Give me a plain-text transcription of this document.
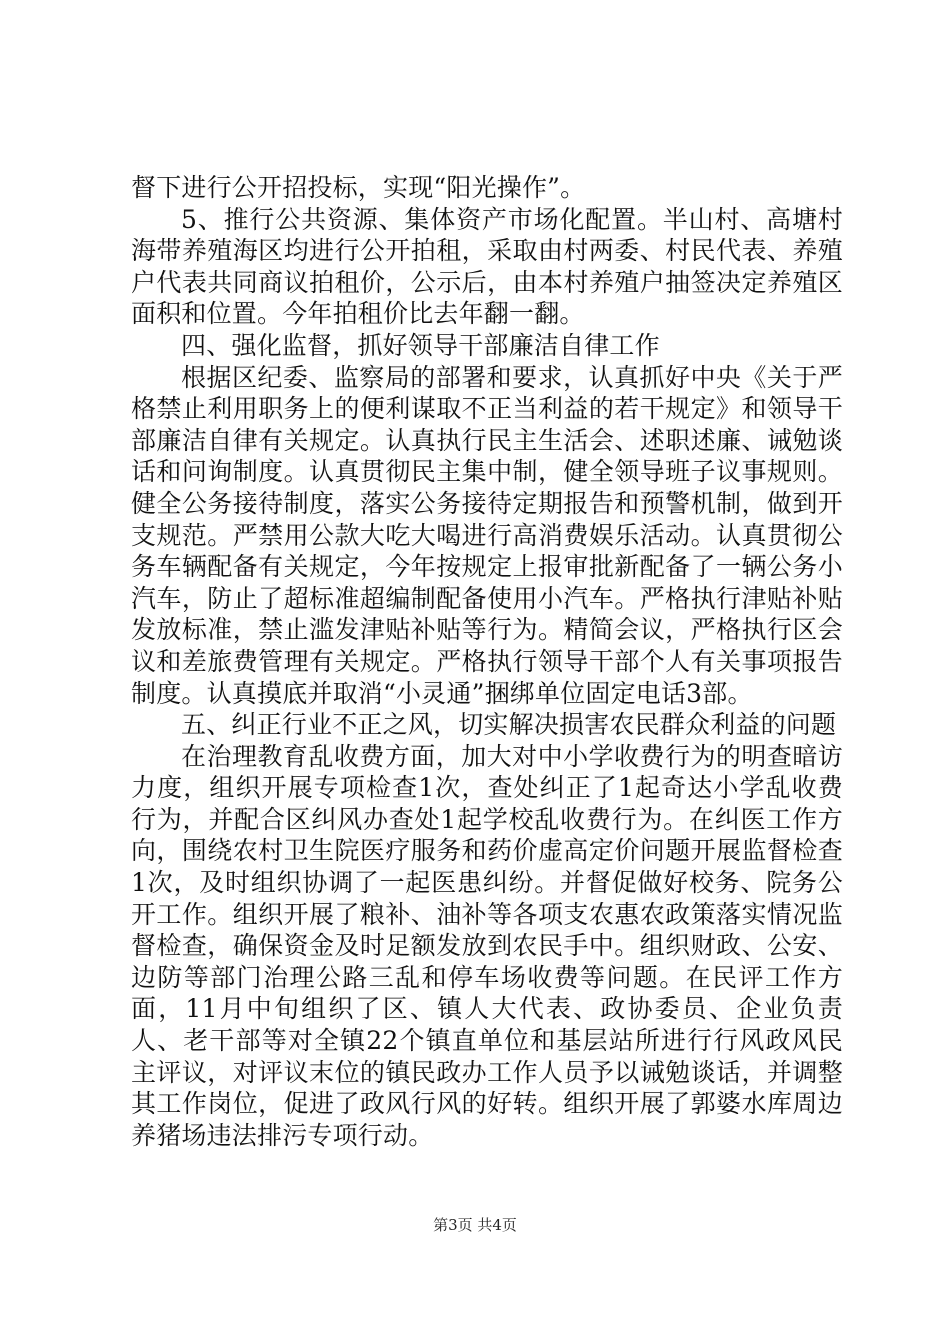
督下进行公开招投标，实现“阳光操作”。

5、推行公共资源、集体资产市场化配置。半山村、高塘村海带养殖海区均进行公开拍租，采取由村两委、村民代表、养殖户代表共同商议拍租价，公示后，由本村养殖户抽签决定养殖区面积和位置。今年拍租价比去年翻一翻。

四、强化监督，抓好领导干部廉洁自律工作

根据区纪委、监察局的部署和要求，认真抓好中央《关于严格禁止利用职务上的便利谋取不正当利益的若干规定》和领导干部廉洁自律有关规定。认真执行民主生活会、述职述廉、诫勉谈话和问询制度。认真贯彻民主集中制，健全领导班子议事规则。健全公务接待制度，落实公务接待定期报告和预警机制，做到开支规范。严禁用公款大吃大喝进行高消费娱乐活动。认真贯彻公务车辆配备有关规定，今年按规定上报审批新配备了一辆公务小汽车，防止了超标准超编制配备使用小汽车。严格执行津贴补贴发放标准，禁止滥发津贴补贴等行为。精简会议，严格执行区会议和差旅费管理有关规定。严格执行领导干部个人有关事项报告制度。认真摸底并取消“小灵通”捆绑单位固定电话3部。

五、纠正行业不正之风，切实解决损害农民群众利益的问题

在治理教育乱收费方面，加大对中小学收费行为的明查暗访力度，组织开展专项检查1次，查处纠正了1起奇达小学乱收费行为，并配合区纠风办查处1起学校乱收费行为。在纠医工作方向，围绕农村卫生院医疗服务和药价虚高定价问题开展监督检查1次，及时组织协调了一起医患纠纷。并督促做好校务、院务公开工作。组织开展了粮补、油补等各项支农惠农政策落实情况监督检查，确保资金及时足额发放到农民手中。组织财政、公安、边防等部门治理公路三乱和停车场收费等问题。在民评工作方面，11月中旬组织了区、镇人大代表、政协委员、企业负责人、老干部等对全镇22个镇直单位和基层站所进行行风政风民主评议，对评议末位的镇民政办工作人员予以诫勉谈话，并调整其工作岗位，促进了政风行风的好转。组织开展了郭婆水库周边养猪场违法排污专项行动。

第3页 共4页
